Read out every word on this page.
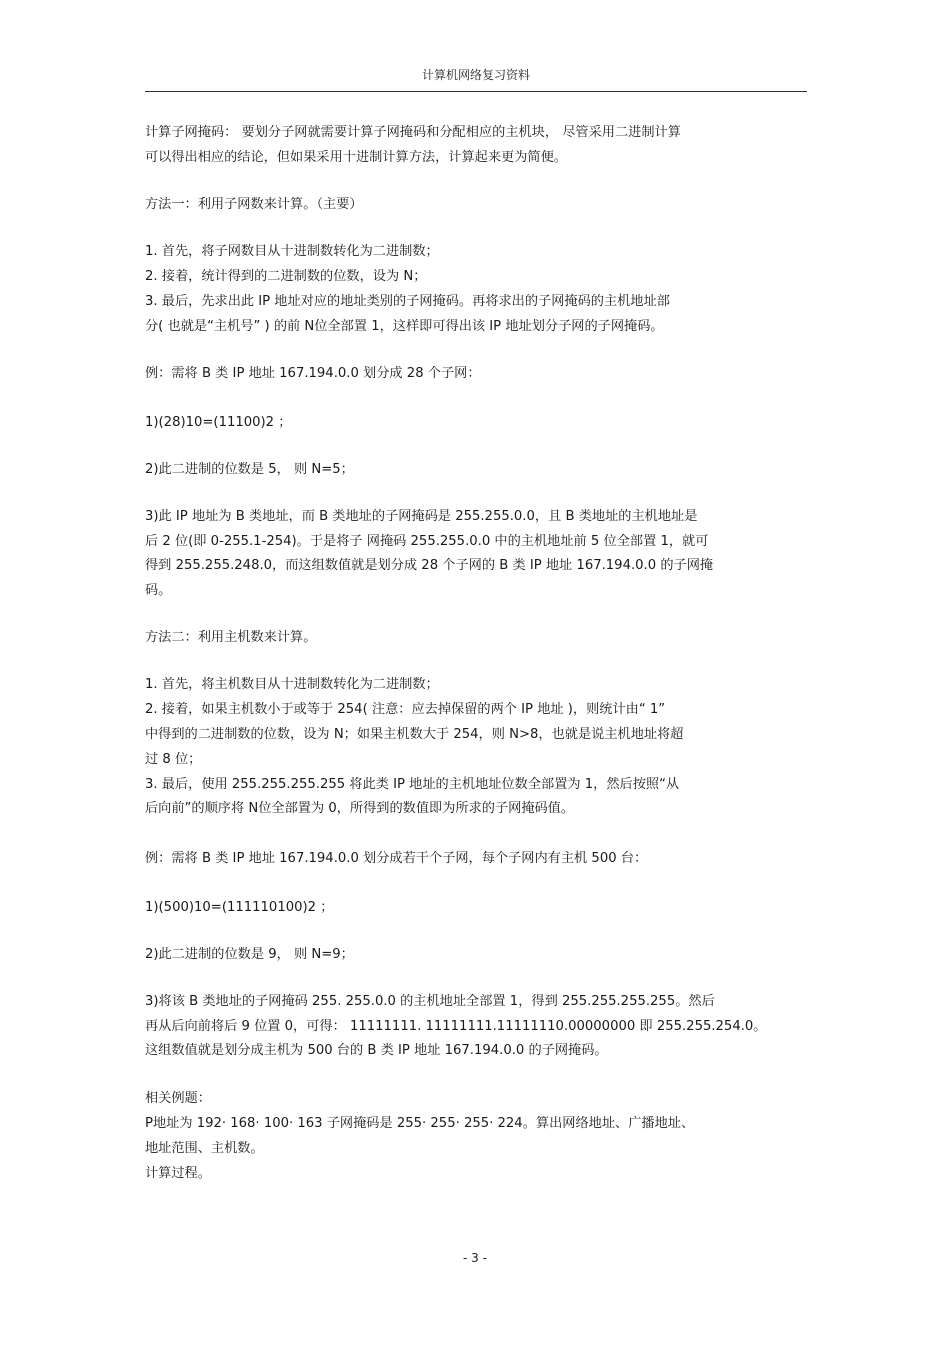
计算机网络复习资料
计算子网掩码： 要划分子网就需要计算子网掩码和分配相应的主机块， 尽管采用二进制计算
可以得出相应的结论，但如果采用十进制计算方法，计算起来更为简便。
方法一：利用子网数来计算。（主要）
1. 首先，将子网数目从十进制数转化为二进制数；
2. 接着，统计得到的二进制数的位数，设为 N；
3. 最后，先求出此 IP 地址对应的地址类别的子网掩码。再将求出的子网掩码的主机地址部
分( 也就是“主机号” ) 的前 N位全部置 1，这样即可得出该 IP 地址划分子网的子网掩码。
例：需将 B 类 IP 地址 167.194.0.0 划分成 28 个子网：
1)(28)10=(11100)2 ；
2)此二进制的位数是 5， 则 N=5；
3)此 IP 地址为 B 类地址，而 B 类地址的子网掩码是 255.255.0.0，且 B 类地址的主机地址是
后 2 位(即 0-255.1-254)。于是将子 网掩码 255.255.0.0 中的主机地址前 5 位全部置 1，就可
得到 255.255.248.0，而这组数值就是划分成 28 个子网的 B 类 IP 地址 167.194.0.0 的子网掩
码。
方法二：利用主机数来计算。
1. 首先，将主机数目从十进制数转化为二进制数；
2. 接着，如果主机数小于或等于 254( 注意：应去掉保留的两个 IP 地址 )，则统计由“ 1”
中得到的二进制数的位数，设为 N；如果主机数大于 254，则 N>8，也就是说主机地址将超
过 8 位；
3. 最后，使用 255.255.255.255 将此类 IP 地址的主机地址位数全部置为 1，然后按照“从
后向前”的顺序将 N位全部置为 0，所得到的数值即为所求的子网掩码值。
例：需将 B 类 IP 地址 167.194.0.0 划分成若干个子网，每个子网内有主机 500 台：
1)(500)10=(111110100)2 ；
2)此二进制的位数是 9， 则 N=9；
3)将该 B 类地址的子网掩码 255. 255.0.0 的主机地址全部置 1，得到 255.255.255.255。然后
再从后向前将后 9 位置 0，可得： 11111111. 11111111.11111110.00000000 即 255.255.254.0。
这组数值就是划分成主机为 500 台的 B 类 IP 地址 167.194.0.0 的子网掩码。
相关例题：
P地址为 192· 168· 100· 163 子网掩码是 255· 255· 255· 224。算出网络地址、广播地址、
地址范围、主机数。
计算过程。
- 3 -
